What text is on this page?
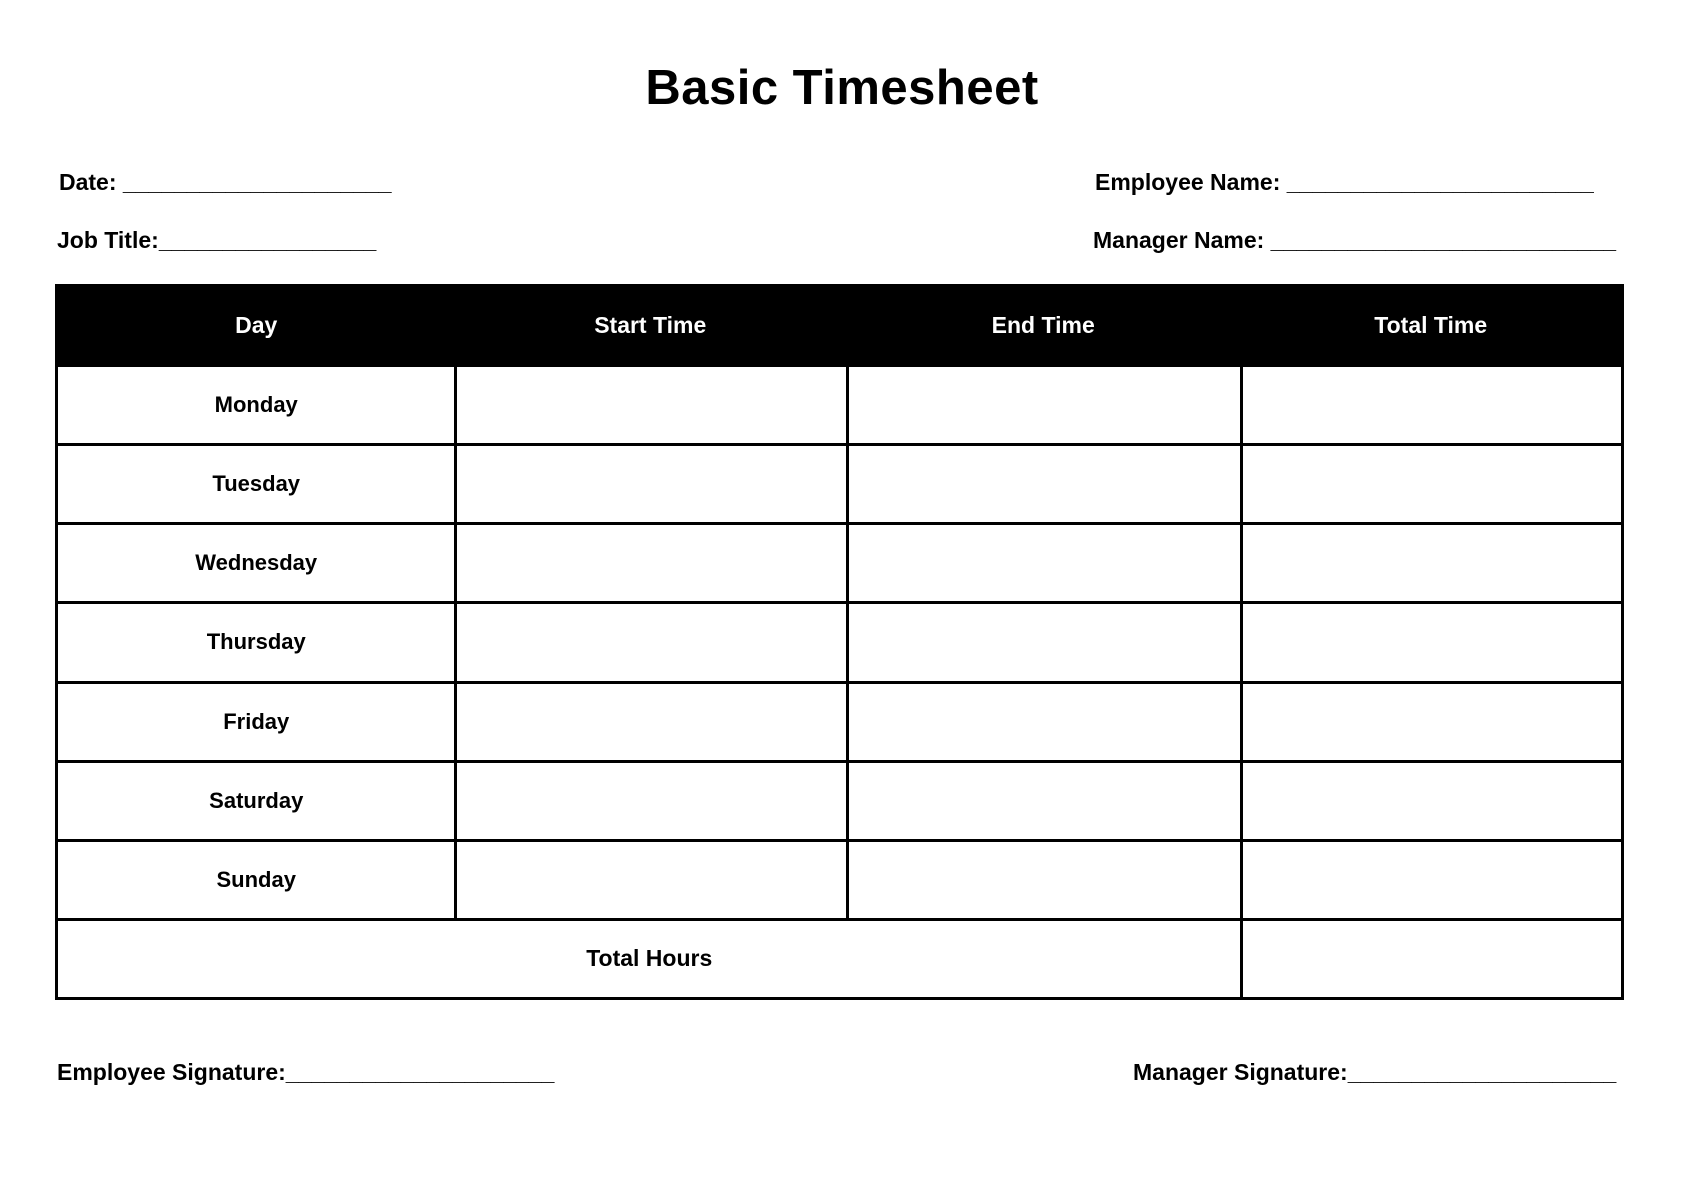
Basic Timesheet
Date: _____________________	Employee Name: ________________________
Job Title:_________________	Manager Name: ___________________________
Day	Start Time	End Time	Total Time
Monday
Tuesday
Wednesday
Thursday
Friday
Saturday
Sunday
Total Hours
Employee Signature:_____________________	Manager Signature:_____________________
